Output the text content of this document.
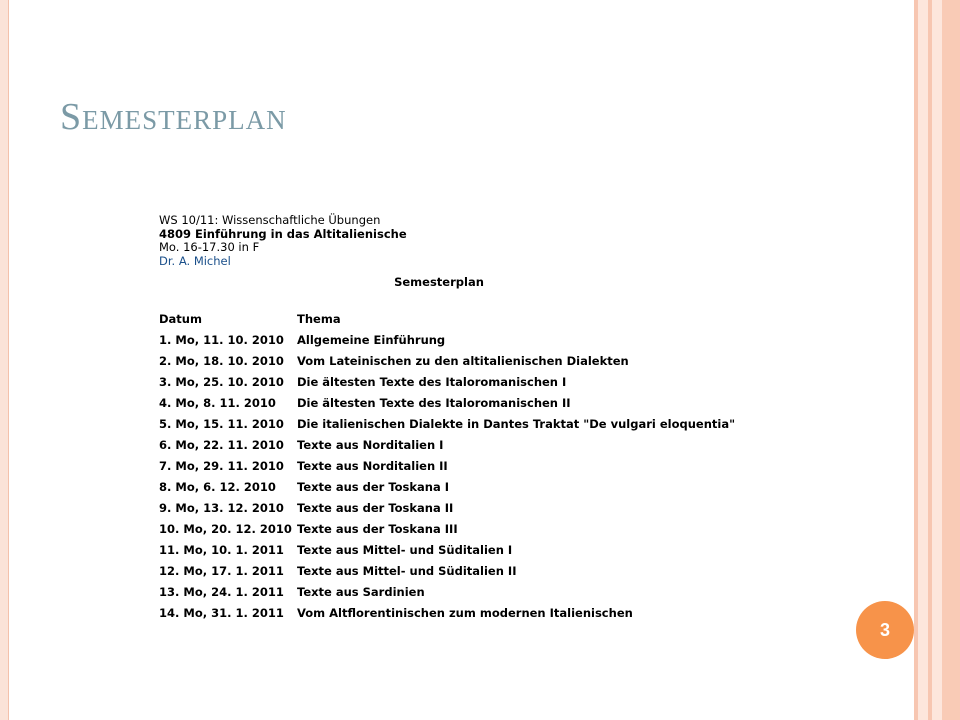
Semesterplan
WS 10/11: Wissenschaftliche Übungen
4809 Einführung in das Altitalienische
Mo. 16-17.30 in F
Dr. A. Michel
Semesterplan
Datum	Thema
1. Mo, 11. 10. 2010	Allgemeine Einführung
2. Mo, 18. 10. 2010	Vom Lateinischen zu den altitalienischen Dialekten
3. Mo, 25. 10. 2010	Die ältesten Texte des Italoromanischen I
4. Mo, 8. 11. 2010	Die ältesten Texte des Italoromanischen II
5. Mo, 15. 11. 2010	Die italienischen Dialekte in Dantes Traktat "De vulgari eloquentia"
6. Mo, 22. 11. 2010	Texte aus Norditalien I
7. Mo, 29. 11. 2010	Texte aus Norditalien II
8. Mo, 6. 12. 2010	Texte aus der Toskana I
9. Mo, 13. 12. 2010	Texte aus der Toskana II
10. Mo, 20. 12. 2010 Texte aus der Toskana III
11. Mo, 10. 1. 2011	Texte aus Mittel- und Süditalien I
12. Mo, 17. 1. 2011	Texte aus Mittel- und Süditalien II
13. Mo, 24. 1. 2011	Texte aus Sardinien
14. Mo, 31. 1. 2011	Vom Altflorentinischen zum modernen Italienischen
3
